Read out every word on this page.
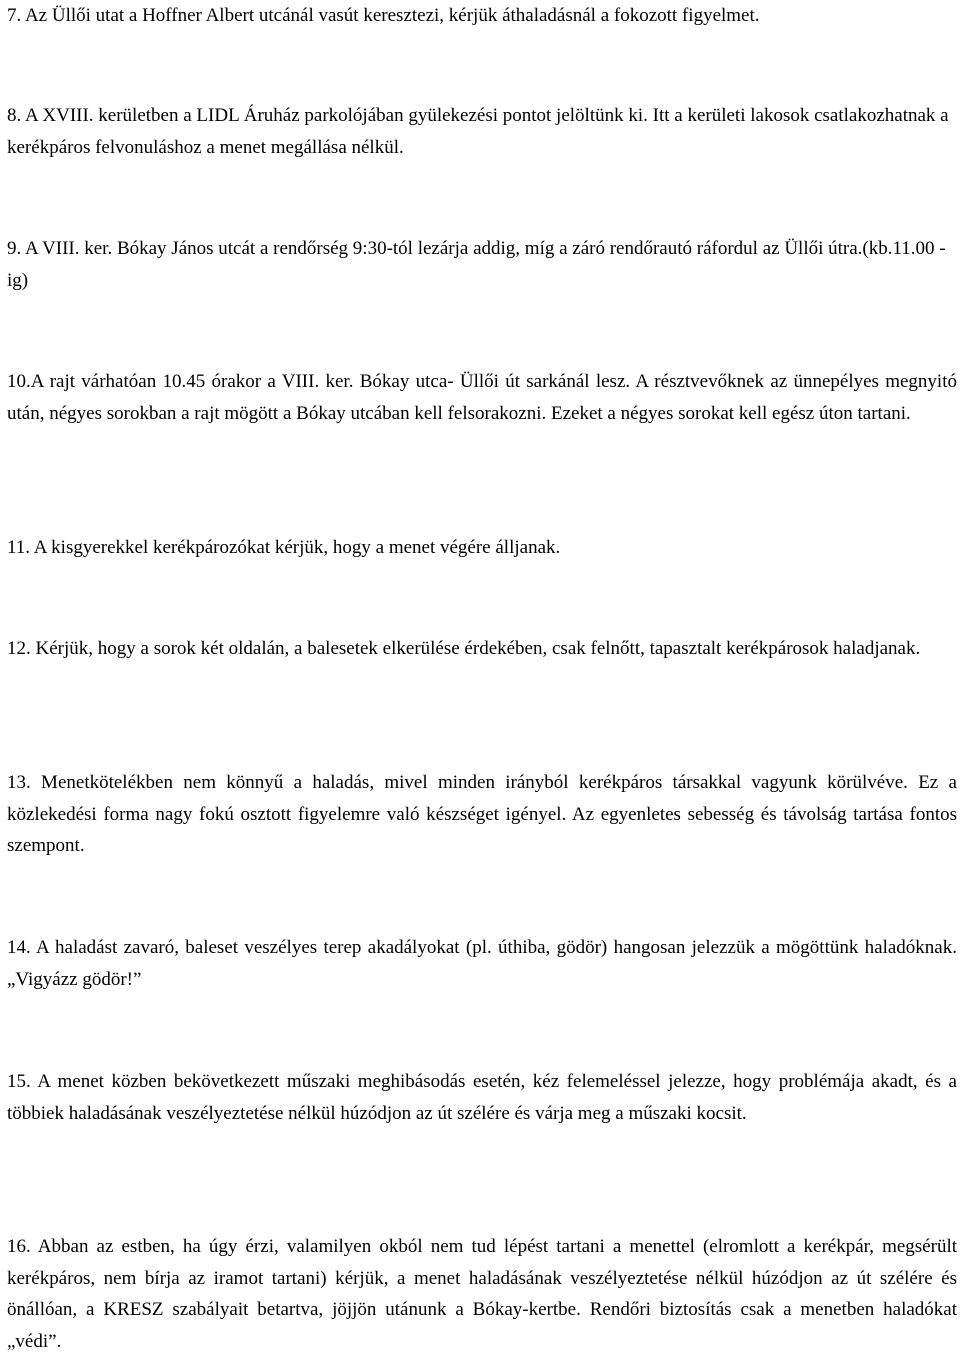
7. Az Üllői utat a Hoffner Albert utcánál vasút keresztezi, kérjük áthaladásnál a fokozott figyelmet.

8. A XVIII. kerületben a LIDL Áruház parkolójában gyülekezési pontot jelöltünk ki. Itt a kerületi lakosok csatlakozhatnak a kerékpáros felvonuláshoz a menet megállása nélkül.

9. A VIII. ker. Bókay János utcát a rendőrség 9:30-tól lezárja addig, míg a záró rendőrautó ráfordul az Üllői útra.(kb.11.00 -ig)

10.A rajt várhatóan 10.45 órakor a VIII. ker. Bókay utca- Üllői út sarkánál lesz. A résztvevőknek az ünnepélyes megnyitó után, négyes sorokban a rajt mögött a Bókay utcában kell felsorakozni. Ezeket a négyes sorokat kell egész úton tartani.

11. A kisgyerekkel kerékpározókat kérjük, hogy a menet végére álljanak.

12. Kérjük, hogy a sorok két oldalán, a balesetek elkerülése érdekében, csak felnőtt, tapasztalt kerékpárosok haladjanak.

13. Menetkötelékben nem könnyű a haladás, mivel minden irányból kerékpáros társakkal vagyunk körülvéve. Ez a közlekedési forma nagy fokú osztott figyelemre való készséget igényel. Az egyenletes sebesség és távolság tartása fontos szempont.

14. A haladást zavaró, baleset veszélyes terep akadályokat (pl. úthiba, gödör) hangosan jelezzük a mögöttünk haladóknak. „Vigyázz gödör!”

15. A menet közben bekövetkezett műszaki meghibásodás esetén, kéz felemeléssel jelezze, hogy problémája akadt, és a többiek haladásának veszélyeztetése nélkül húzódjon az út szélére és várja meg a műszaki kocsit.

16. Abban az estben, ha úgy érzi, valamilyen okból nem tud lépést tartani a menettel (elromlott a kerékpár, megsérült kerékpáros, nem bírja az iramot tartani) kérjük, a menet haladásának veszélyeztetése nélkül húzódjon az út szélére és önállóan, a KRESZ szabályait betartva, jöjjön utánunk a Bókay-kertbe. Rendőri biztosítás csak a menetben haladókat „védi”.
